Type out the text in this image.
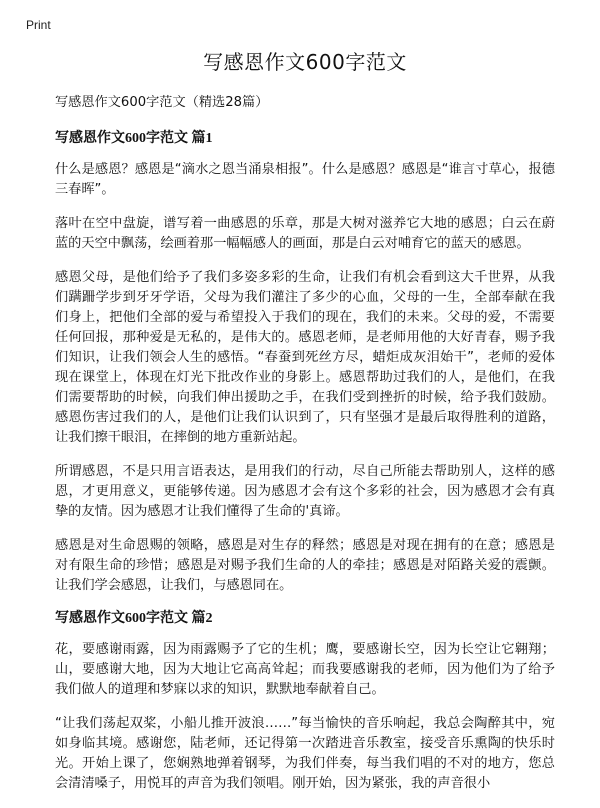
Print
写感恩作文600字范文
写感恩作文600字范文（精选28篇）
写感恩作文600字范文 篇1

什么是感恩？感恩是“滴水之恩当涌泉相报”。什么是感恩？感恩是“谁言寸草心，报德三春晖”。

落叶在空中盘旋，谱写着一曲感恩的乐章，那是大树对滋养它大地的感恩；白云在蔚蓝的天空中飘荡，绘画着那一幅幅感人的画面，那是白云对哺育它的蓝天的感恩。

感恩父母，是他们给予了我们多姿多彩的生命，让我们有机会看到这大千世界，从我们蹒跚学步到牙牙学语，父母为我们灌注了多少的心血，父母的一生，全部奉献在我们身上，把他们全部的爱与希望投入于我们的现在，我们的未来。父母的爱，不需要任何回报，那种爱是无私的，是伟大的。感恩老师，是老师用他的大好青春，赐予我们知识，让我们领会人生的感悟。“春蚕到死丝方尽，蜡炬成灰泪始干”，老师的爱体现在课堂上，体现在灯光下批改作业的身影上。感恩帮助过我们的人，是他们，在我们需要帮助的时候，向我们伸出援助之手，在我们受到挫折的时候，给予我们鼓励。感恩伤害过我们的人，是他们让我们认识到了，只有坚强才是最后取得胜利的道路，让我们擦干眼泪，在摔倒的地方重新站起。

所谓感恩，不是只用言语表达，是用我们的行动，尽自己所能去帮助别人，这样的感恩，才更用意义，更能够传递。因为感恩才会有这个多彩的社会，因为感恩才会有真挚的友情。因为感恩才让我们懂得了生命的'真谛。

感恩是对生命恩赐的领略，感恩是对生存的释然；感恩是对现在拥有的在意；感恩是对有限生命的珍惜；感恩是对赐予我们生命的人的牵挂；感恩是对陌路关爱的震颤。让我们学会感恩，让我们，与感恩同在。

写感恩作文600字范文 篇2

花，要感谢雨露，因为雨露赐予了它的生机；鹰，要感谢长空，因为长空让它翱翔；山，要感谢大地，因为大地让它高高耸起；而我要感谢我的老师，因为他们为了给予我们做人的道理和梦寐以求的知识，默默地奉献着自己。

“让我们荡起双桨，小船儿推开波浪……”每当愉快的音乐响起，我总会陶醉其中，宛如身临其境。感谢您，陆老师，还记得第一次踏进音乐教室，接受音乐熏陶的快乐时光。开始上课了，您娴熟地弹着钢琴，为我们伴奏，每当我们唱的不对的地方，您总会清清嗓子，用悦耳的声音为我们领唱。刚开始，因为紧张，我的声音很小
